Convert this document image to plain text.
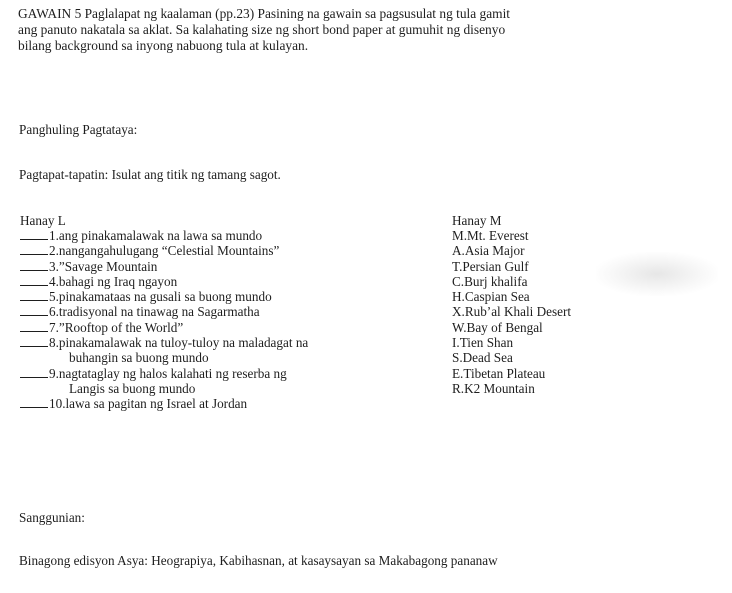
GAWAIN 5 Paglalapat ng kaalaman (pp.23) Pasining na gawain sa pagsusulat ng tula gamit
ang panuto nakatala sa aklat. Sa kalahating size ng short bond paper at gumuhit ng disenyo
bilang background sa inyong nabuong tula at kulayan.
Panghuling Pagtataya:
Pagtapat-tapatin: Isulat ang titik ng tamang sagot.
Hanay L
1.ang pinakamalawak na lawa sa mundo
2.nangangahulugang “Celestial Mountains”
3.”Savage Mountain
4.bahagi ng Iraq ngayon
5.pinakamataas na gusali sa buong mundo
6.tradisyonal na tinawag na Sagarmatha
7.”Rooftop of the World”
8.pinakamalawak na tuloy-tuloy na maladagat na
buhangin sa buong mundo
9.nagtataglay ng halos kalahati ng reserba ng
Langis sa buong mundo
10.lawa sa pagitan ng Israel at Jordan
Hanay M
M.Mt. Everest
A.Asia Major
T.Persian Gulf
C.Burj khalifa
H.Caspian Sea
X.Rub’al Khali Desert
W.Bay of Bengal
I.Tien Shan
S.Dead Sea
E.Tibetan Plateau
R.K2 Mountain
Sanggunian:
Binagong edisyon Asya: Heograpiya, Kabihasnan, at kasaysayan sa Makabagong pananaw
